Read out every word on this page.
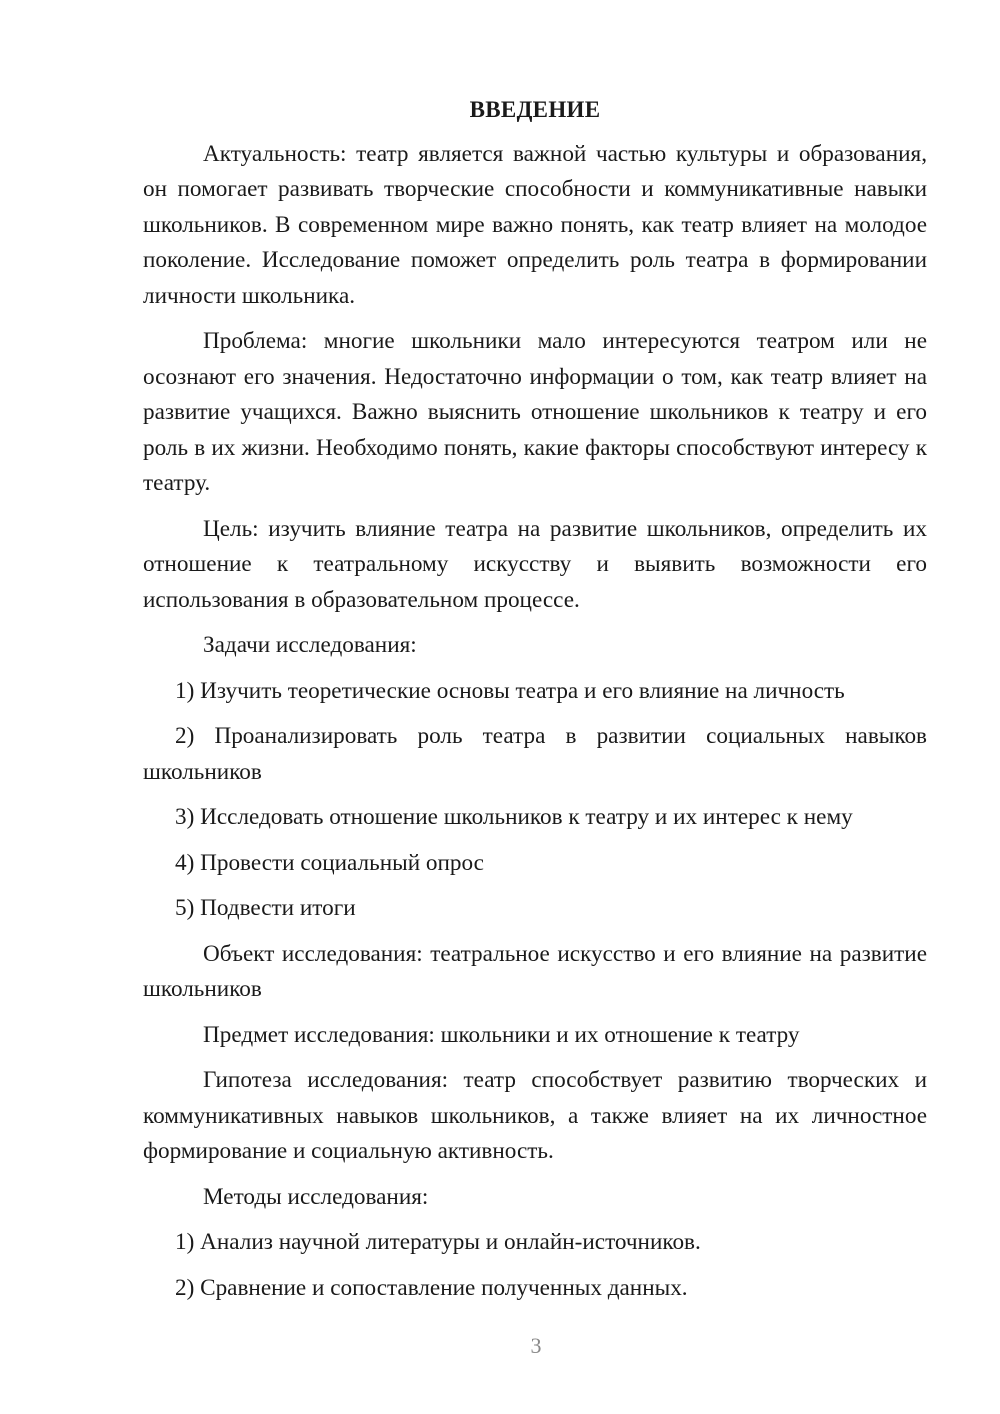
ВВЕДЕНИЕ

Актуальность: театр является важной частью культуры и образования, он помогает развивать творческие способности и коммуникативные навыки школьников. В современном мире важно понять, как театр влияет на молодое поколение. Исследование поможет определить роль театра в формировании личности школьника.

Проблема: многие школьники мало интересуются театром или не осознают его значения. Недостаточно информации о том, как театр влияет на развитие учащихся. Важно выяснить отношение школьников к театру и его роль в их жизни. Необходимо понять, какие факторы способствуют интересу к театру.

Цель: изучить влияние театра на развитие школьников, определить их отношение к театральному искусству и выявить возможности его использования в образовательном процессе.

Задачи исследования:

1) Изучить теоретические основы театра и его влияние на личность

2) Проанализировать роль театра в развитии социальных навыков школьников

3) Исследовать отношение школьников к театру и их интерес к нему

4) Провести социальный опрос

5) Подвести итоги

Объект исследования: театральное искусство и его влияние на развитие школьников

Предмет исследования: школьники и их отношение к театру

Гипотеза исследования: театр способствует развитию творческих и коммуникативных навыков школьников, а также влияет на их личностное формирование и социальную активность.

Методы исследования:

1) Анализ научной литературы и онлайн-источников.

2) Сравнение и сопоставление полученных данных.

3
